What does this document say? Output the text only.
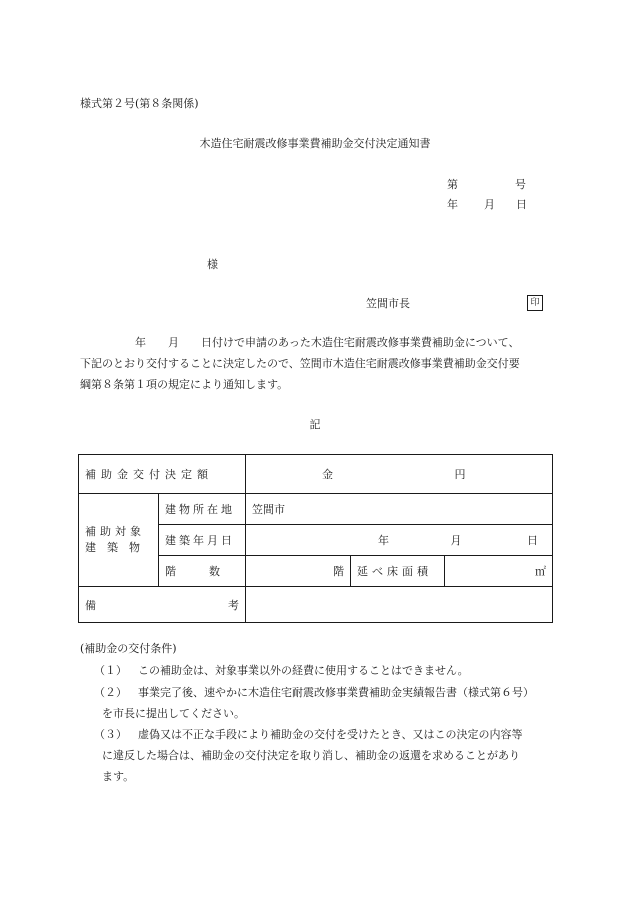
様式第２号(第８条関係)
木造住宅耐震改修事業費補助金交付決定通知書
第	号
年 月 日
様
笠間市長	印
　　　　　年　　月　　日付けで申請のあった木造住宅耐震改修事業費補助金について、
下記のとおり交付することに決定したので、笠間市木造住宅耐震改修事業費補助金交付要
綱第８条第１項の規定により通知します。
記
補助金交付決定額		金 円		

補助対象
建　築　物	建物所在地	笠間市		
	建築年月日	年 月 日		
	階　　　数	階	延べ床面積	㎡
備 考				

(補助金の交付条件)
（１） この補助金は、対象事業以外の経費に使用することはできません。
（２） 事業完了後、速やかに木造住宅耐震改修事業費補助金実績報告書（様式第６号）
を市長に提出してください。
（３） 虚偽又は不正な手段により補助金の交付を受けたとき、又はこの決定の内容等
に違反した場合は、補助金の交付決定を取り消し、補助金の返還を求めることがあり
ます。
